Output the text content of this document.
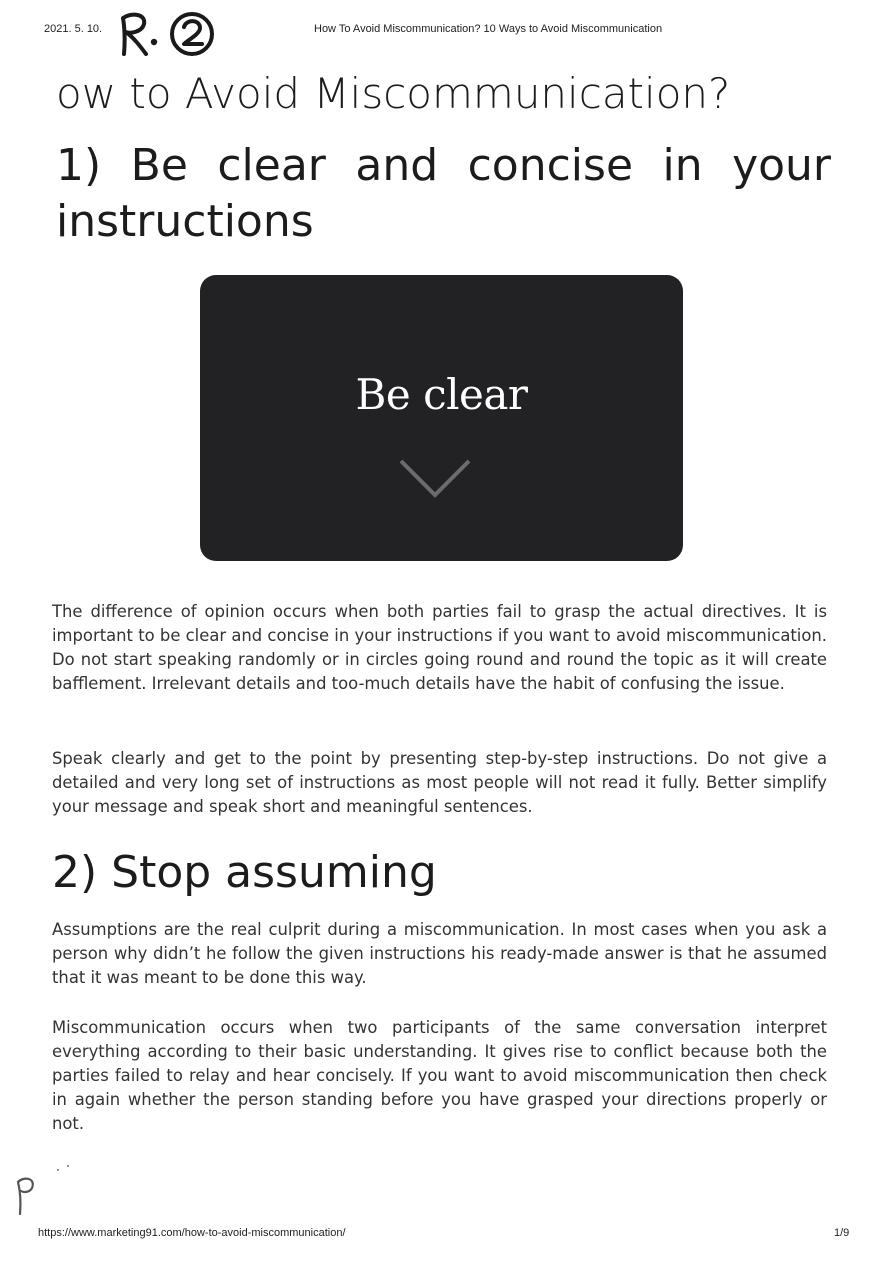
2021. 5. 10.	How To Avoid Miscommunication? 10 Ways to Avoid Miscommunication
ow to Avoid Miscommunication?
1) Be clear and concise in your instructions
Be clear

The difference of opinion occurs when both parties fail to grasp the actual directives. It is important to be clear and concise in your instructions if you want to avoid miscommunication. Do not start speaking randomly or in circles going round and round the topic as it will create bafflement. Irrelevant details and too-much details have the habit of confusing the issue.

Speak clearly and get to the point by presenting step-by-step instructions. Do not give a detailed and very long set of instructions as most people will not read it fully. Better simplify your message and speak short and meaningful sentences.

2) Stop assuming

Assumptions are the real culprit during a miscommunication. In most cases when you ask a person why didn’t he follow the given instructions his ready-made answer is that he assumed that it was meant to be done this way.

Miscommunication occurs when two participants of the same conversation interpret everything according to their basic understanding. It gives rise to conflict because both the parties failed to relay and hear concisely. If you want to avoid miscommunication then check in again whether the person standing before you have grasped your directions properly or not.

https://www.marketing91.com/how-to-avoid-miscommunication/	1/9
